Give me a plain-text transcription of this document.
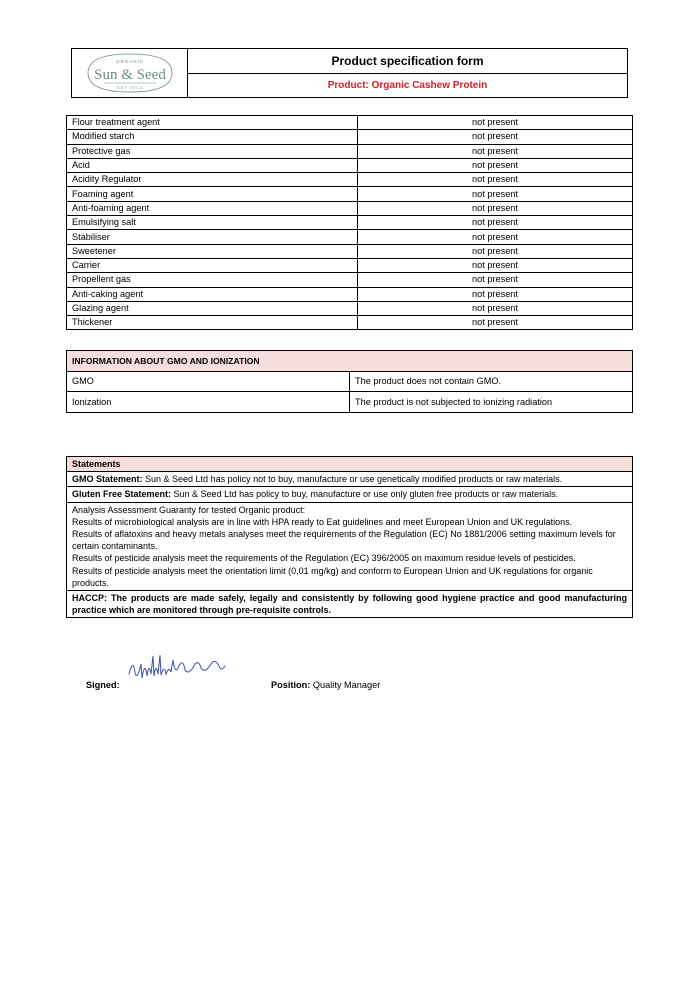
ORGANIC
Sun & Seed
EST 2014
Product specification form
Product: Organic Cashew Protein
Flour treatment agent	not present
Modified starch	not present
Protective gas	not present
Acid	not present
Acidity Regulator	not present
Foaming agent	not present
Anti-foaming agent	not present
Emulsifying salt	not present
Stabiliser	not present
Sweetener	not present
Carrier	not present
Propellent gas	not present
Anti-caking agent	not present
Glazing agent	not present
Thickener	not present
INFORMATION ABOUT GMO AND IONIZATION	
GMO	The product does not contain GMO.
Ionization	The product is not subjected to ionizing radiation
Statements
GMO Statement: Sun & Seed Ltd has policy not to buy, manufacture or use genetically modified products or raw materials.
Gluten Free Statement: Sun & Seed Ltd has policy to buy, manufacture or use only gluten free products or raw materials.

Analysis Assessment Guaranty for tested Organic product:
Results of microbiological analysis are in line with HPA ready to Eat guidelines and meet European Union and UK regulations.
Results of aflatoxins and heavy metals analyses meet the requirements of the Regulation (EC) No 1881/2006 setting maximum levels for certain contaminants.
Results of pesticide analysis meet the requirements of the Regulation (EC) 396/2005 on maximum residue levels of pesticides.
Results of pesticide analysis meet the orientation limit (0,01 mg/kg) and conform to European Union and UK regulations for organic products.

HACCP: The products are made safely, legally and consistently by following good hygiene practice and good manufacturing practice which are monitored through pre-requisite controls.
Signed:	Position: Quality Manager
